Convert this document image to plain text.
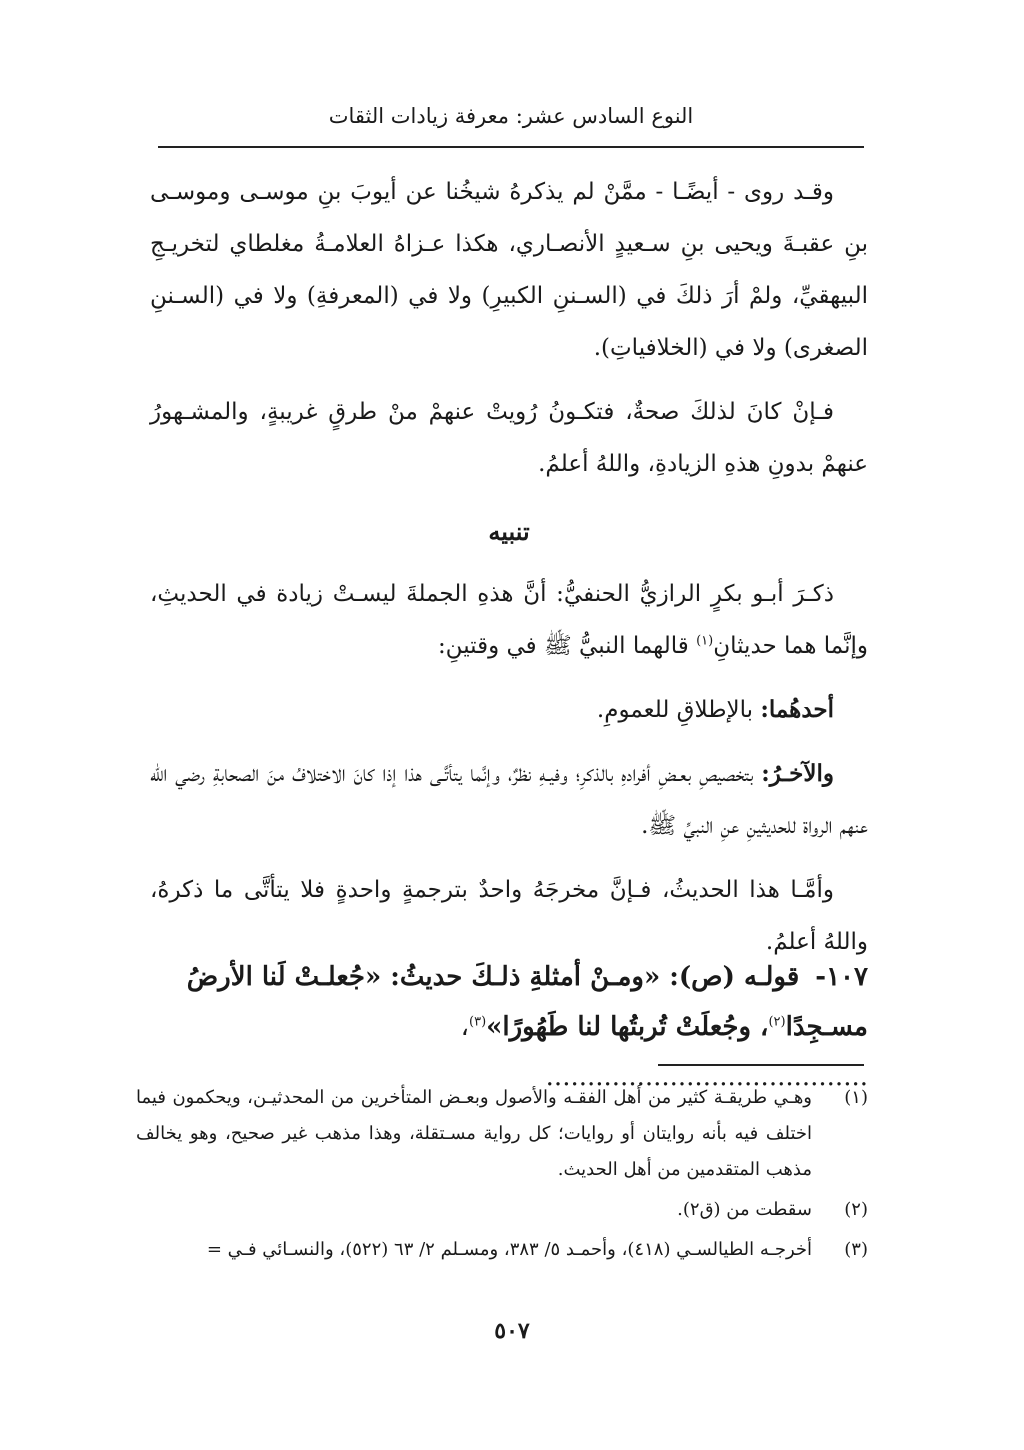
النوع السادس عشر: معرفة زيادات الثقات

وقـد روى - أيضًـا - ممَّنْ لم يذكرهُ شيخُنا عن أيوبَ بنِ موسـى وموسـى بنِ عقبـةَ ويحيى بنِ سـعيدٍ الأنصـاري، هكذا عـزاهُ العلامـةُ مغلطاي لتخريـجِ البيهقيِّ، ولمْ أرَ ذلكَ في (السـننِ الكبيرِ) ولا في (المعرفةِ) ولا في (السـننِ الصغرى) ولا في (الخلافياتِ).

فـإنْ كانَ لذلكَ صحةٌ، فتكـونُ رُويتْ عنهمْ منْ طرقٍ غريبةٍ، والمشـهورُ عنهمْ بدونِ هذهِ الزيادةِ، واللهُ أعلمُ.

تنبيه

ذكـرَ أبـو بكرٍ الرازيُّ الحنفيُّ: أنَّ هذهِ الجملةَ ليسـتْ زيادة في الحديثِ، وإنَّما هما حديثانِ$^{(١)}$ قالهما النبيُّ ﷺ في وقتينِ:

أحدهُما: بالإطلاقِ للعمومِ.

والآخـرُ: بتخصيصِ بعـضِ أفرادهِ بالذكرِ؛ وفيـهِ نظرٌ، وإنَّما يتأتَّـى هذا إذا كانَ الاختلافُ منَ الصحابةِ رضي الله عنهم الرواة للحديثينِ عنِ النبيِّ ﷺ.

وأمَّـا هذا الحديثُ، فـإنَّ مخرجَهُ واحدٌ بترجمةٍ واحدةٍ فلا يتأتَّى ما ذكرهُ، واللهُ أعلمُ.

١٠٧-قولـه (ص): «ومـنْ أمثلةِ ذلـكَ حديثُ: «جُعلـتْ لَنا الأرضُ مسـجِدًا$^{(٢)}$، وجُعلَتْ تُربتُها لنا طَهُورًا»$^{(٣)}$، .......................................
(١)
وهـي طريقـة كثير من أهل الفقـه والأصول وبعـض المتأخرين من المحدثيـن، ويحكمون فيما اختلف فيه بأنه روايتان أو روايات؛ كل رواية مسـتقلة، وهذا مذهب غير صحيح، وهو يخالف مذهب المتقدمين من أهل الحديث.
(٢)
سقطت من (ق٢).
(٣)
أخرجـه الطيالسـي (٤١٨)، وأحمـد ٥/ ٣٨٣، ومسـلم ٢/ ٦٣ (٥٢٢)، والنسـائي فـي =
٥٠٧
